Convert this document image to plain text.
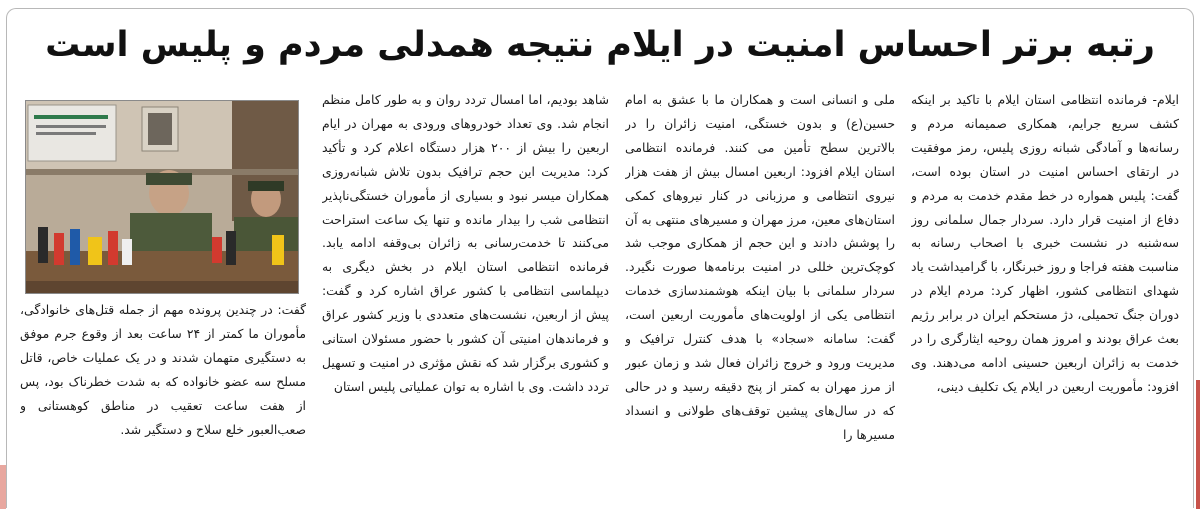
رتبه برتر احساس امنیت در ایلام نتیجه همدلی مردم و پلیس است

ایلام- فرمانده انتظامی استان ایلام با تاکید بر اینکه کشف سریع جرایم، همکاری صمیمانه مردم و رسانه‌ها و آمادگی شبانه روزی پلیس، رمز موفقیت در ارتقای احساس امنیت در استان بوده است، گفت: پلیس همواره در خط مقدم خدمت به مردم و دفاع از امنیت قرار دارد. سردار جمال سلمانی روز سه‌شنبه در نشست خبری با اصحاب رسانه به مناسبت هفته فراجا و روز خبرنگار، با گرامیداشت یاد شهدای انتظامی کشور، اظهار کرد: مردم ایلام در دوران جنگ تحمیلی، دژ مستحکم ایران در برابر رژیم بعث عراق بودند و امروز همان روحیه ایثارگری را در خدمت به زائران اربعین حسینی ادامه می‌دهند. وی افزود: مأموریت اربعین در ایلام یک تکلیف دینی،

ملی و انسانی است و همکاران ما با عشق به امام حسین(ع) و بدون خستگی، امنیت زائران را در بالاترین سطح تأمین می کنند. فرمانده انتظامی استان ایلام افزود: اربعین امسال بیش از هفت هزار نیروی انتظامی و مرزبانی در کنار نیروهای کمکی استان‌های معین، مرز مهران و مسیرهای منتهی به آن را پوشش دادند و این حجم از همکاری موجب شد کوچک‌ترین خللی در امنیت برنامه‌ها صورت نگیرد. سردار سلمانی با بیان اینکه هوشمندسازی خدمات انتظامی یکی از اولویت‌های مأموریت اربعین است، گفت: سامانه «سجاد» با هدف کنترل ترافیک و مدیریت ورود و خروج زائران فعال شد و زمان عبور از مرز مهران به کمتر از پنج دقیقه رسید و در حالی که در سال‌های پیشین توقف‌های طولانی و انسداد مسیرها را

شاهد بودیم، اما امسال تردد روان و به طور کامل منظم انجام شد. وی تعداد خودروهای ورودی به مهران در ایام اربعین را بیش از ۲۰۰ هزار دستگاه اعلام کرد و تأکید کرد: مدیریت این حجم ترافیک بدون تلاش شبانه‌روزی همکاران میسر نبود و بسیاری از مأموران خستگی‌ناپذیر انتظامی شب را بیدار مانده و تنها یک ساعت استراحت می‌کنند تا خدمت‌رسانی به زائران بی‌وقفه ادامه یابد. فرمانده انتظامی استان ایلام در بخش دیگری به دیپلماسی انتظامی با کشور عراق اشاره کرد و گفت: پیش از اربعین، نشست‌های متعددی با وزیر کشور عراق و فرماندهان امنیتی آن کشور با حضور مسئولان استانی و کشوری برگزار شد که نقش مؤثری در امنیت و تسهیل تردد داشت. وی با اشاره به توان عملیاتی پلیس استان

گفت: در چندین پرونده مهم از جمله قتل‌های خانوادگی، مأموران ما کمتر از ۲۴ ساعت بعد از وقوع جرم موفق به دستگیری متهمان شدند و در یک عملیات خاص، قاتل مسلح سه عضو خانواده که به شدت خطرناک بود، پس از هفت ساعت تعقیب در مناطق کوهستانی و صعب‌العبور خلع سلاح و دستگیر شد.
